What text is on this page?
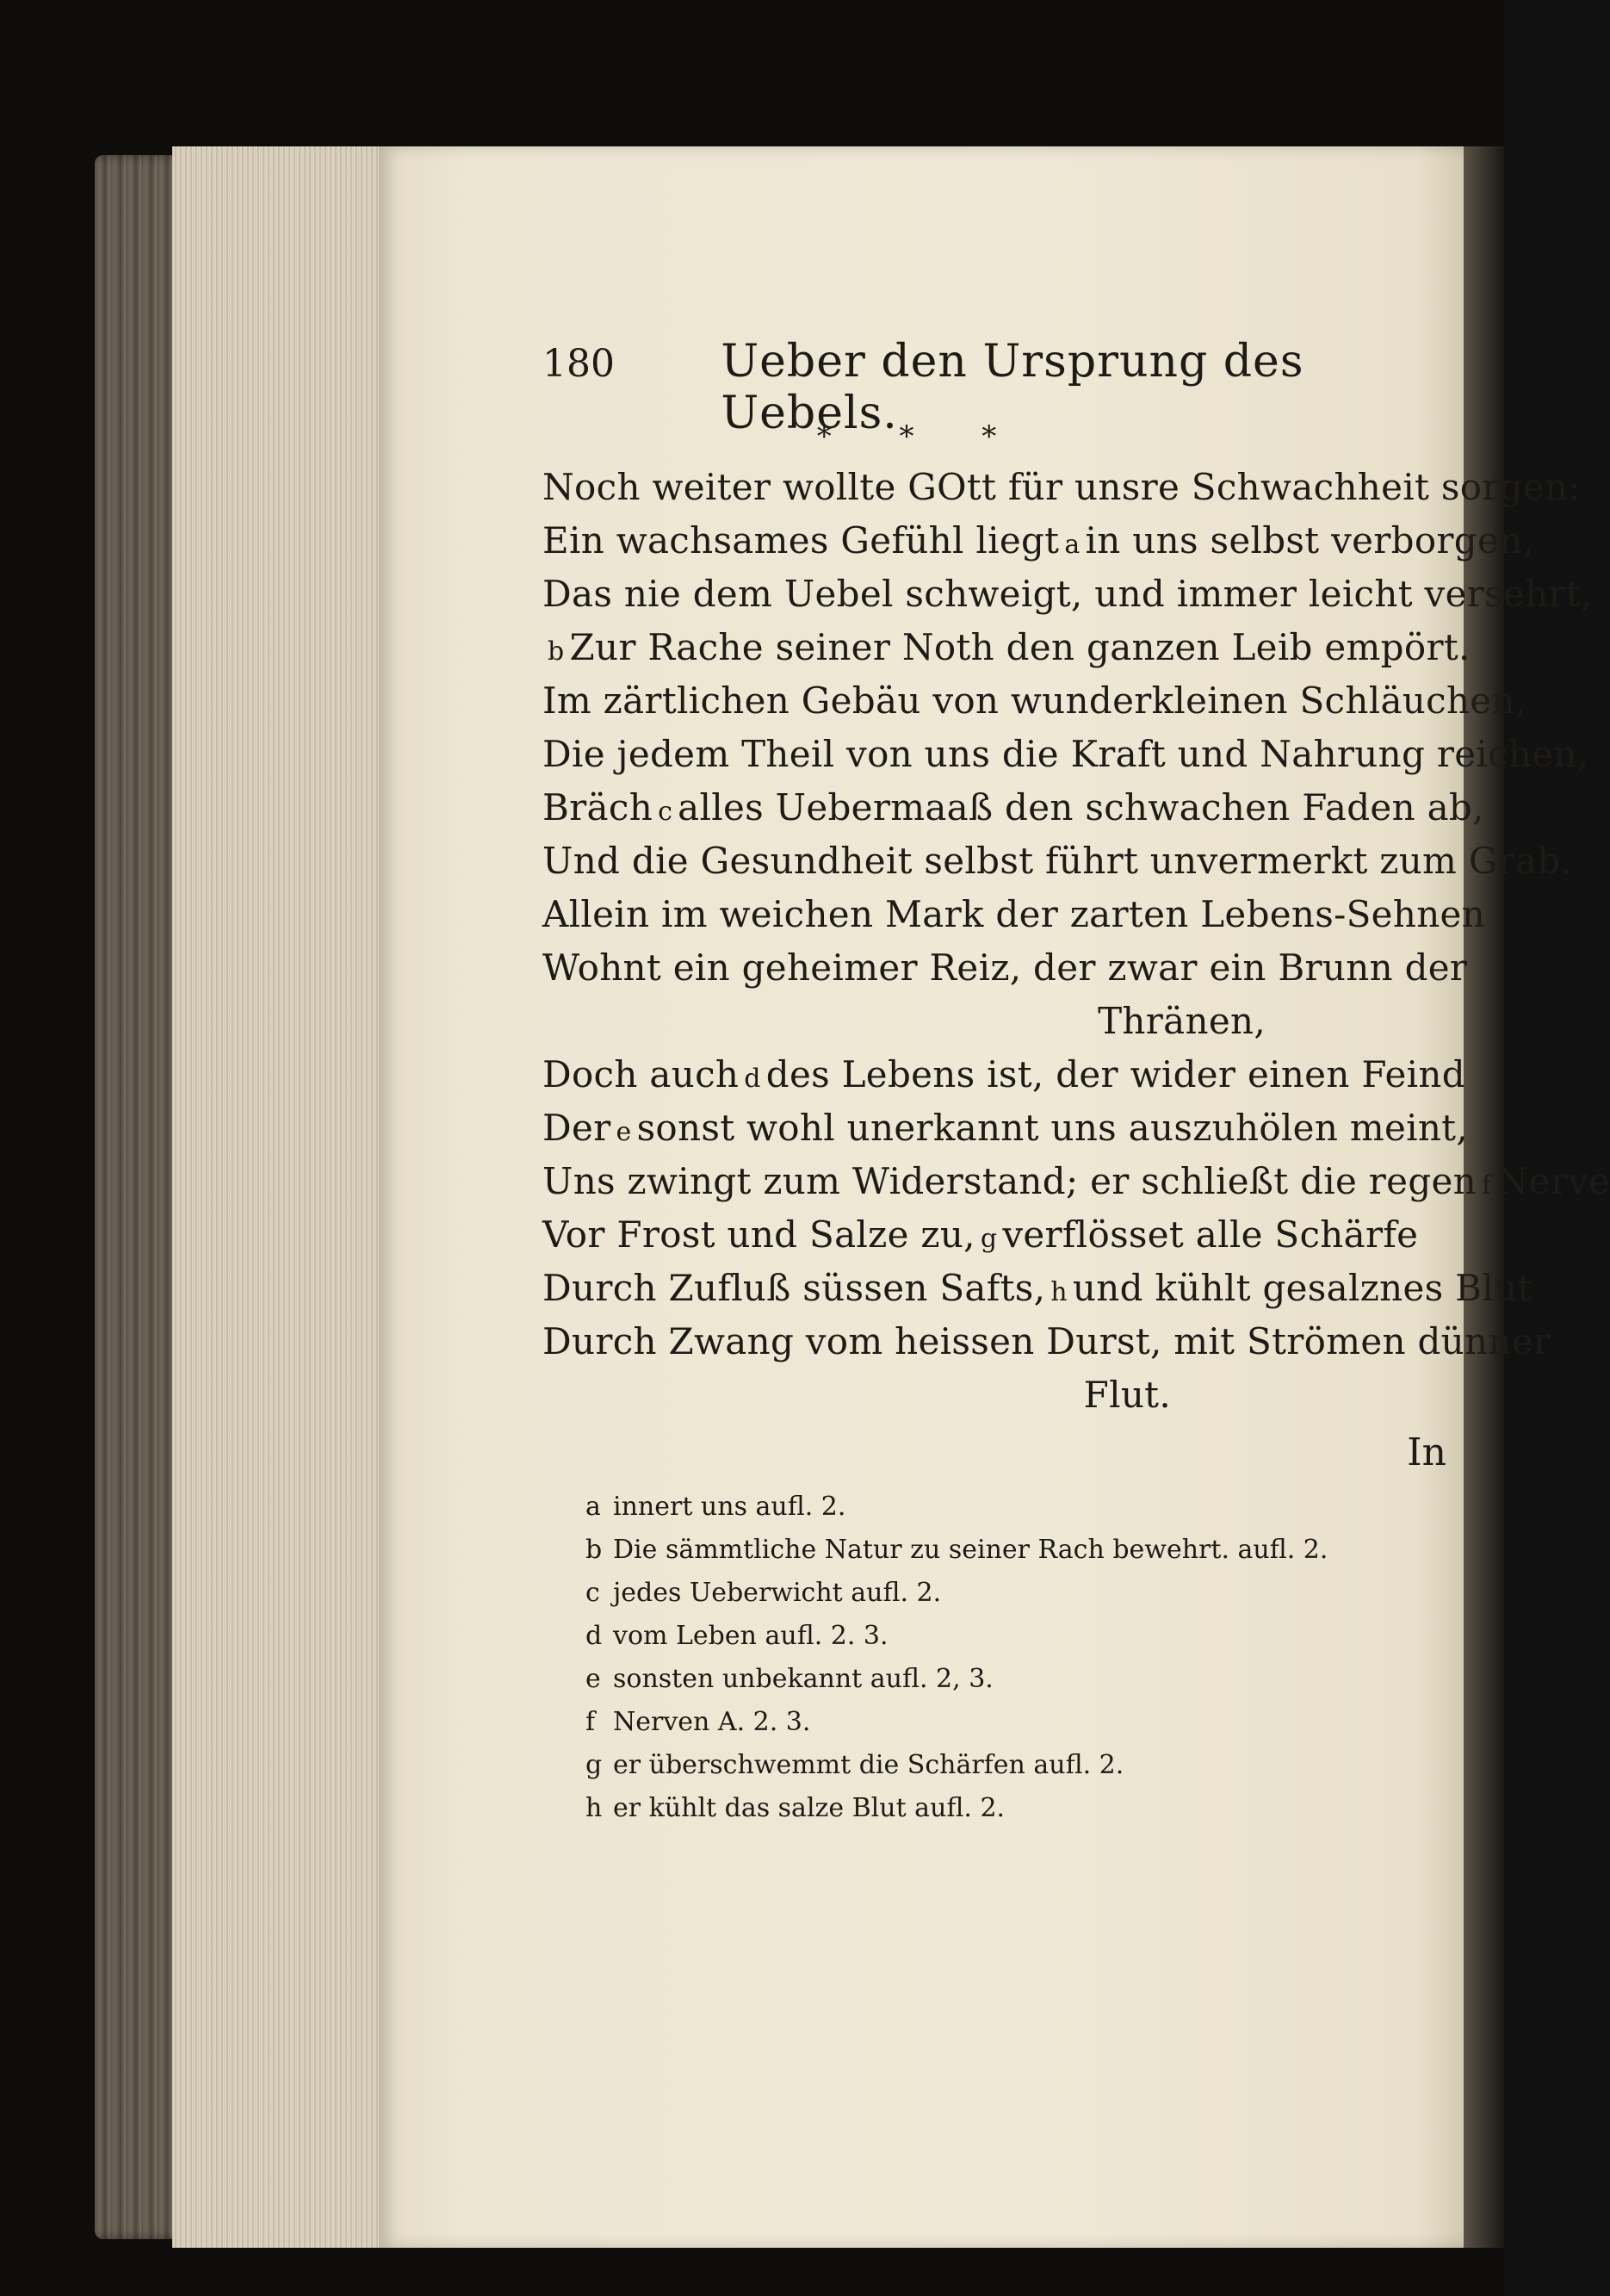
180	Ueber den Ursprung des Uebels.
* * *
Noch weiter wollte GOtt für unsre Schwachheit sorgen:
Ein wachsames Gefühl liegt a in uns selbst verborgen,
Das nie dem Uebel schweigt, und immer leicht versehrt,
b Zur Rache seiner Noth den ganzen Leib empört.
Im zärtlichen Gebäu von wunderkleinen Schläuchen,
Die jedem Theil von uns die Kraft und Nahrung reichen,
Bräch c alles Uebermaaß den schwachen Faden ab,
Und die Gesundheit selbst führt unvermerkt zum Grab.
Allein im weichen Mark der zarten Lebens-Sehnen
Wohnt ein geheimer Reiz, der zwar ein Brunn der
Thränen,
Doch auch d des Lebens ist, der wider einen Feind
Der e sonst wohl unerkannt uns auszuhölen meint,
Uns zwingt zum Widerstand; er schließt die regen f Nerve
Vor Frost und Salze zu, g verflösset alle Schärfe
Durch Zufluß süssen Safts, h und kühlt gesalznes Blut
Durch Zwang vom heissen Durst, mit Strömen dünner
Flut.
In
a innert uns aufl. 2.
b Die sämmtliche Natur zu seiner Rach bewehrt. aufl. 2.
c jedes Ueberwicht aufl. 2.
d vom Leben aufl. 2. 3.
e sonsten unbekannt aufl. 2, 3.
f Nerven A. 2. 3.
g er überschwemmt die Schärfen aufl. 2.
h er kühlt das salze Blut aufl. 2.
